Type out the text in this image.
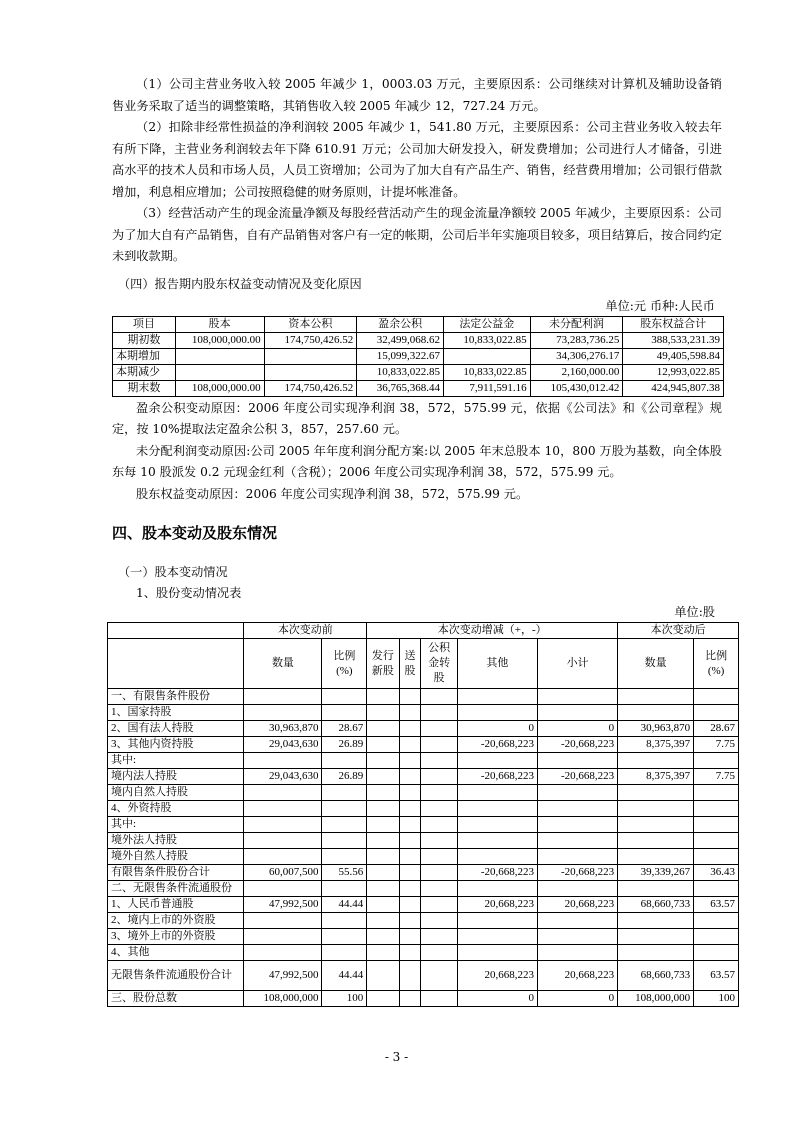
（1）公司主营业务收入较 2005 年减少 1，0003.03 万元，主要原因系：公司继续对计算机及辅助设备销售业务采取了适当的调整策略，其销售收入较 2005 年减少 12，727.24 万元。

（2）扣除非经常性损益的净利润较 2005 年减少 1，541.80 万元，主要原因系：公司主营业务收入较去年有所下降，主营业务利润较去年下降 610.91 万元；公司加大研发投入，研发费增加；公司进行人才储备，引进高水平的技术人员和市场人员，人员工资增加；公司为了加大自有产品生产、销售，经营费用增加；公司银行借款增加，利息相应增加；公司按照稳健的财务原则，计提坏帐准备。

（3）经营活动产生的现金流量净额及每股经营活动产生的现金流量净额较 2005 年减少，主要原因系：公司为了加大自有产品销售，自有产品销售对客户有一定的帐期，公司后半年实施项目较多，项目结算后，按合同约定未到收款期。

（四）报告期内股东权益变动情况及变化原因
单位:元 币种:人民币
项目	股本	资本公积	盈余公积	法定公益金	未分配利润	股东权益合计
期初数	108,000,000.00	174,750,426.52	32,499,068.62	10,833,022.85	73,283,736.25	388,533,231.39
本期增加			15,099,322.67		34,306,276.17	49,405,598.84
本期减少			10,833,022.85	10,833,022.85	2,160,000.00	12,993,022.85
期末数	108,000,000.00	174,750,426.52	36,765,368.44	7,911,591.16	105,430,012.42	424,945,807.38

盈余公积变动原因：2006 年度公司实现净利润 38，572，575.99 元，依据《公司法》和《公司章程》规定，按 10%提取法定盈余公积 3，857，257.60 元。

未分配利润变动原因:公司 2005 年年度利润分配方案:以 2005 年末总股本 10，800 万股为基数，向全体股东每 10 股派发 0.2 元现金红利（含税）；2006 年度公司实现净利润 38，572，575.99 元。

股东权益变动原因：2006 年度公司实现净利润 38，572，575.99 元。

四、股本变动及股东情况
（一）股本变动情况
1、股份变动情况表
单位:股
	本次变动前		本次变动增减（+，-）					本次变动后	
	数量	比例 (%)	发行新股	送股	公积金转股	其他	小计	数量	比例 (%)
一、有限售条件股份									
1、国家持股									
2、国有法人持股	30,963,870	28.67				0	0	30,963,870	28.67
3、其他内资持股	29,043,630	26.89				-20,668,223	-20,668,223	8,375,397	7.75
其中:									
境内法人持股	29,043,630	26.89				-20,668,223	-20,668,223	8,375,397	7.75
境内自然人持股									
4、外资持股									
其中:									
境外法人持股									
境外自然人持股									
有限售条件股份合计	60,007,500	55.56				-20,668,223	-20,668,223	39,339,267	36.43
二、无限售条件流通股份									
1、人民币普通股	47,992,500	44.44				20,668,223	20,668,223	68,660,733	63.57
2、境内上市的外资股									
3、境外上市的外资股									
4、其他									
无限售条件流通股份合计	47,992,500	44.44				20,668,223	20,668,223	68,660,733	63.57
三、股份总数	108,000,000	100				0	0	108,000,000	100
- 3 -
